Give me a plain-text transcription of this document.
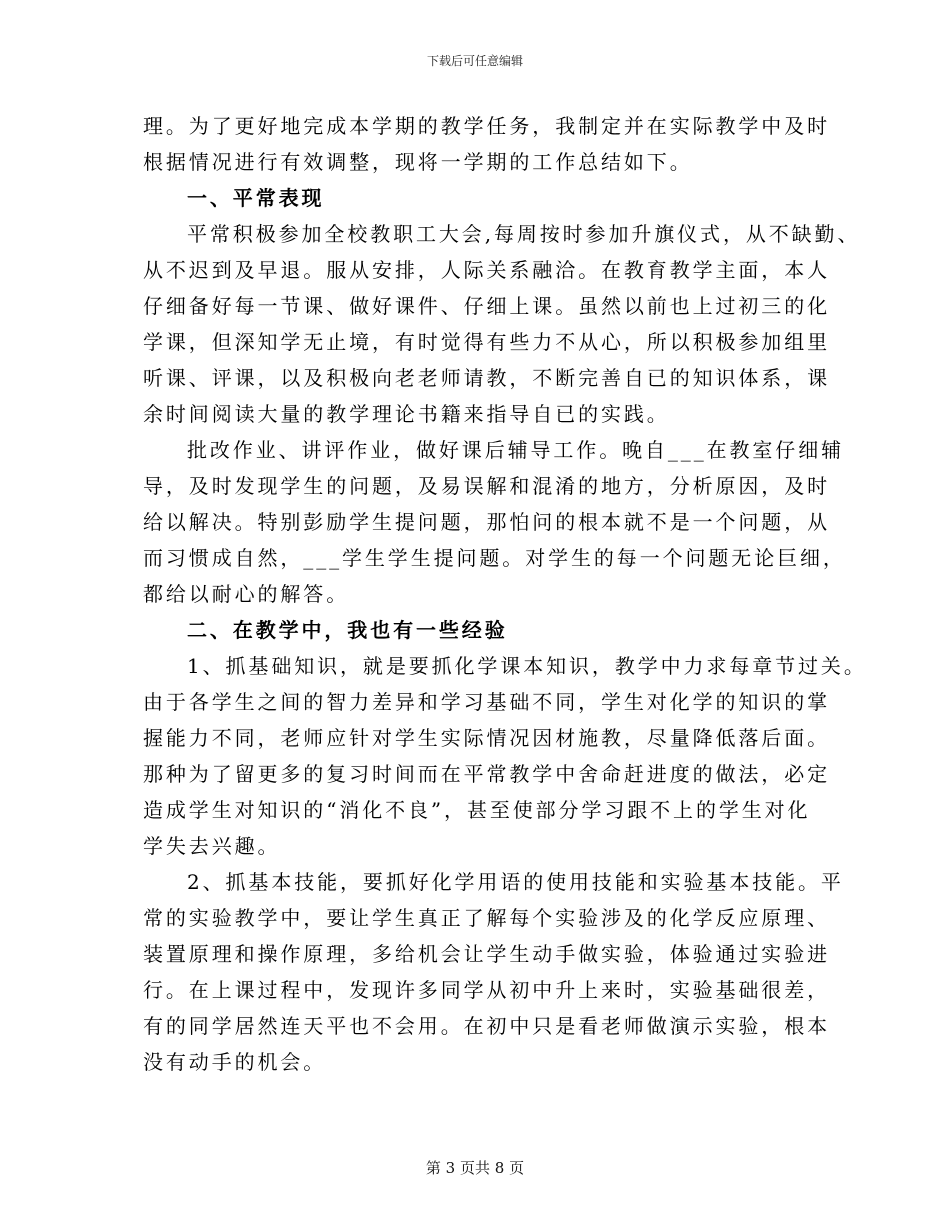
下载后可任意编辑
理。为了更好地完成本学期的教学任务，我制定并在实际教学中及时
根据情况进行有效调整，现将一学期的工作总结如下。
一、平常表现
平常积极参加全校教职工大会,每周按时参加升旗仪式，从不缺勤、
从不迟到及早退。服从安排，人际关系融洽。在教育教学主面，本人
仔细备好每一节课、做好课件、仔细上课。虽然以前也上过初三的化
学课，但深知学无止境，有时觉得有些力不从心，所以积极参加组里
听课、评课，以及积极向老老师请教，不断完善自已的知识体系，课
余时间阅读大量的教学理论书籍来指导自已的实践。
批改作业、讲评作业，做好课后辅导工作。晚自___在教室仔细辅
导，及时发现学生的问题，及易误解和混淆的地方，分析原因，及时
给以解决。特别彭励学生提问题，那怕问的根本就不是一个问题，从
而习惯成自然，___学生学生提问题。对学生的每一个问题无论巨细，
都给以耐心的解答。
二、在教学中，我也有一些经验
1、抓基础知识，就是要抓化学课本知识，教学中力求每章节过关。
由于各学生之间的智力差异和学习基础不同，学生对化学的知识的掌
握能力不同，老师应针对学生实际情况因材施教，尽量降低落后面。
那种为了留更多的复习时间而在平常教学中舍命赶进度的做法，必定
造成学生对知识的“消化不良”，甚至使部分学习跟不上的学生对化
学失去兴趣。
2、抓基本技能，要抓好化学用语的使用技能和实验基本技能。平
常的实验教学中，要让学生真正了解每个实验涉及的化学反应原理、
装置原理和操作原理，多给机会让学生动手做实验，体验通过实验进
行。在上课过程中，发现许多同学从初中升上来时，实验基础很差，
有的同学居然连天平也不会用。在初中只是看老师做演示实验，根本
没有动手的机会。
第 3 页共 8 页
